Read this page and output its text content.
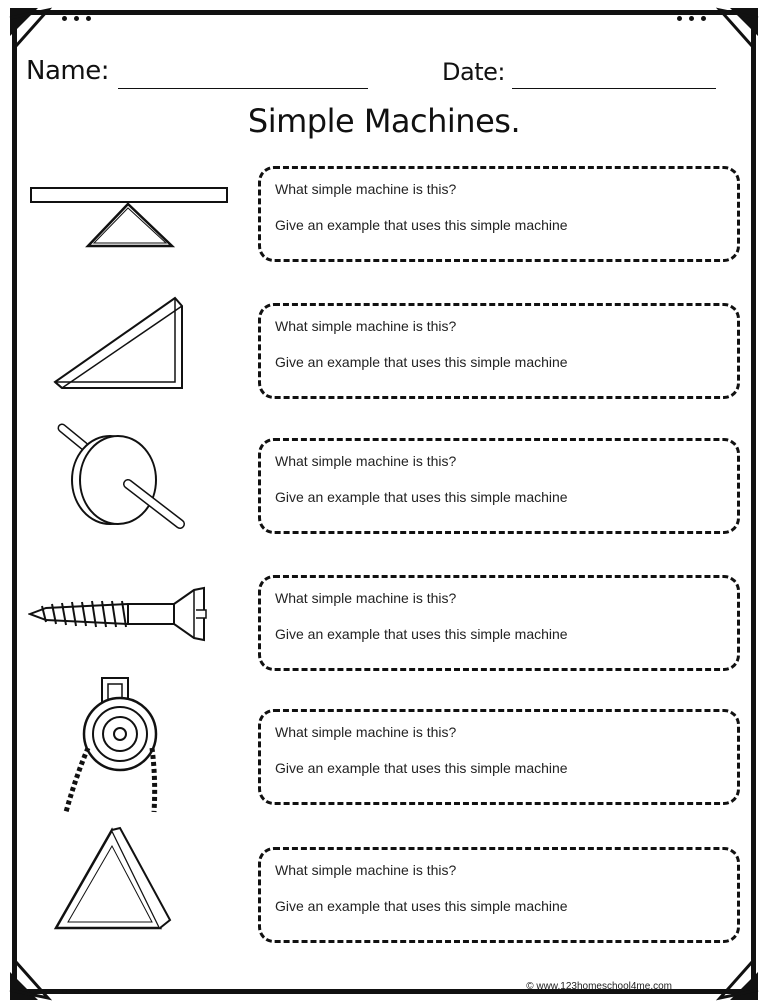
Name:	Date:
Simple Machines.
What simple machine is this?
Give an example that uses this simple machine
What simple machine is this?
Give an example that uses this simple machine
What simple machine is this?
Give an example that uses this simple machine
What simple machine is this?
Give an example that uses this simple machine
What simple machine is this?
Give an example that uses this simple machine
What simple machine is this?
Give an example that uses this simple machine
© www.123homeschool4me.com
